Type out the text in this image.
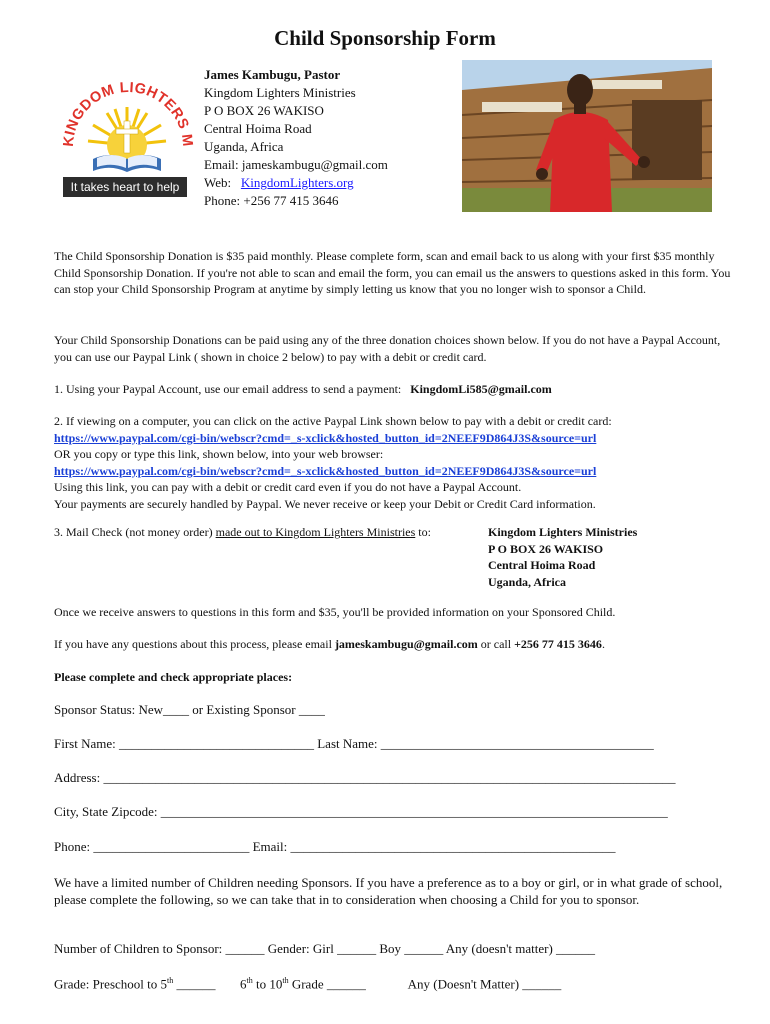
Child Sponsorship Form
KINGDOM LIGHTERS M
It takes heart to help
James Kambugu, Pastor
Kingdom Lighters Ministries
P O BOX 26 WAKISO
Central Hoima Road
Uganda, Africa
Email: jameskambugu@gmail.com
Web: KingdomLighters.org
Phone: +256 77 415 3646
The Child Sponsorship Donation is $35 paid monthly. Please complete form, scan and email back to us along with your first $35 monthly Child Sponsorship Donation. If you're not able to scan and email the form, you can email us the answers to questions asked in this form. You can stop your Child Sponsorship Program at anytime by simply letting us know that you no longer wish to sponsor a Child.
Your Child Sponsorship Donations can be paid using any of the three donation choices shown below. If you do not have a Paypal Account, you can use our Paypal Link ( shown in choice 2 below) to pay with a debit or credit card.
1. Using your Paypal Account, use our email address to send a payment: KingdomLi585@gmail.com
2. If viewing on a computer, you can click on the active Paypal Link shown below to pay with a debit or credit card:
https://www.paypal.com/cgi-bin/webscr?cmd=_s-xclick&hosted_button_id=2NEEF9D864J3S&source=url
OR you copy or type this link, shown below, into your web browser:
https://www.paypal.com/cgi-bin/webscr?cmd=_s-xclick&hosted_button_id=2NEEF9D864J3S&source=url
Using this link, you can pay with a debit or credit card even if you do not have a Paypal Account.
Your payments are securely handled by Paypal. We never receive or keep your Debit or Credit Card information.
3. Mail Check (not money order) made out to Kingdom Lighters Ministries to:	Kingdom Lighters Ministries
P O BOX 26 WAKISO
Central Hoima Road
Uganda, Africa
Once we receive answers to questions in this form and $35, you'll be provided information on your Sponsored Child.
If you have any questions about this process, please email jameskambugu@gmail.com or call +256 77 415 3646.
Please complete and check appropriate places:
Sponsor Status: New____ or Existing Sponsor ____
First Name: ______________________________ Last Name: __________________________________________
Address: ________________________________________________________________________________________
City, State Zipcode: ______________________________________________________________________________
Phone: ________________________ Email: __________________________________________________
We have a limited number of Children needing Sponsors. If you have a preference as to a boy or girl, or in what grade of school, please complete the following, so we can take that in to consideration when choosing a Child for you to sponsor.
Number of Children to Sponsor: ______ Gender: Girl ______ Boy ______ Any (doesn't matter) ______
Grade: Preschool to 5th ______ 6th to 10th Grade ______	Any (Doesn't Matter) ______
